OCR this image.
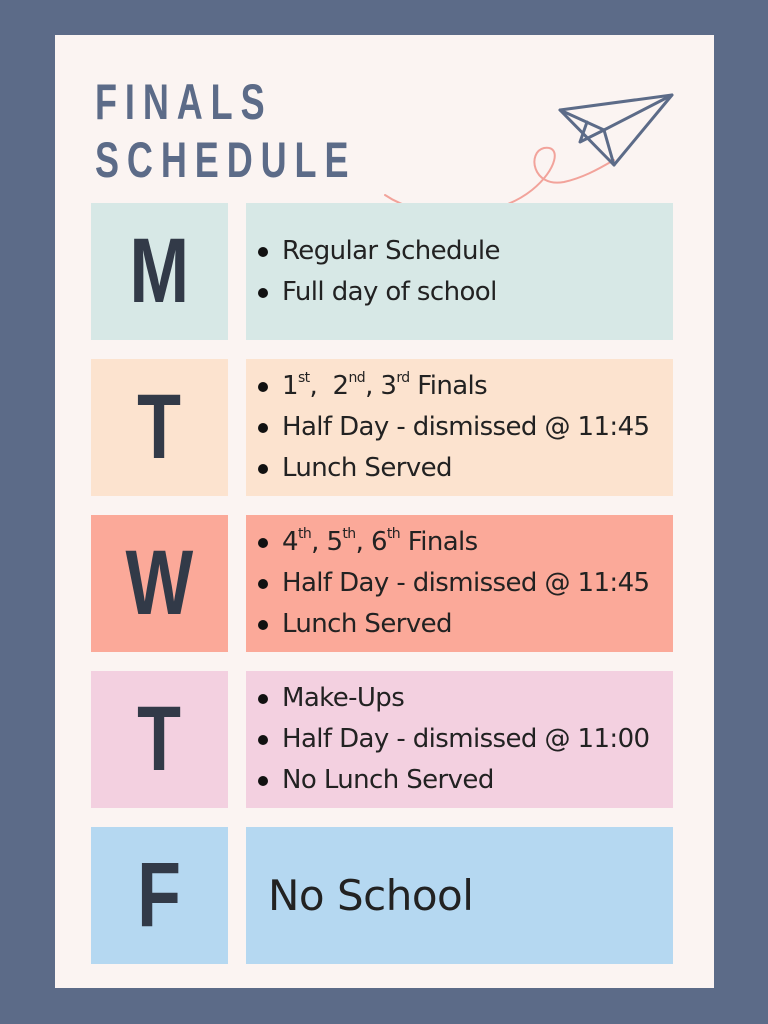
FINALS
SCHEDULE
M	Regular Schedule
Full day of school
T	1st,  2nd, 3rd Finals
Half Day - dismissed @ 11:45
Lunch Served
W	4th, 5th, 6th Finals
Half Day - dismissed @ 11:45
Lunch Served
T	Make-Ups
Half Day - dismissed @ 11:00
No Lunch Served
F	No School
